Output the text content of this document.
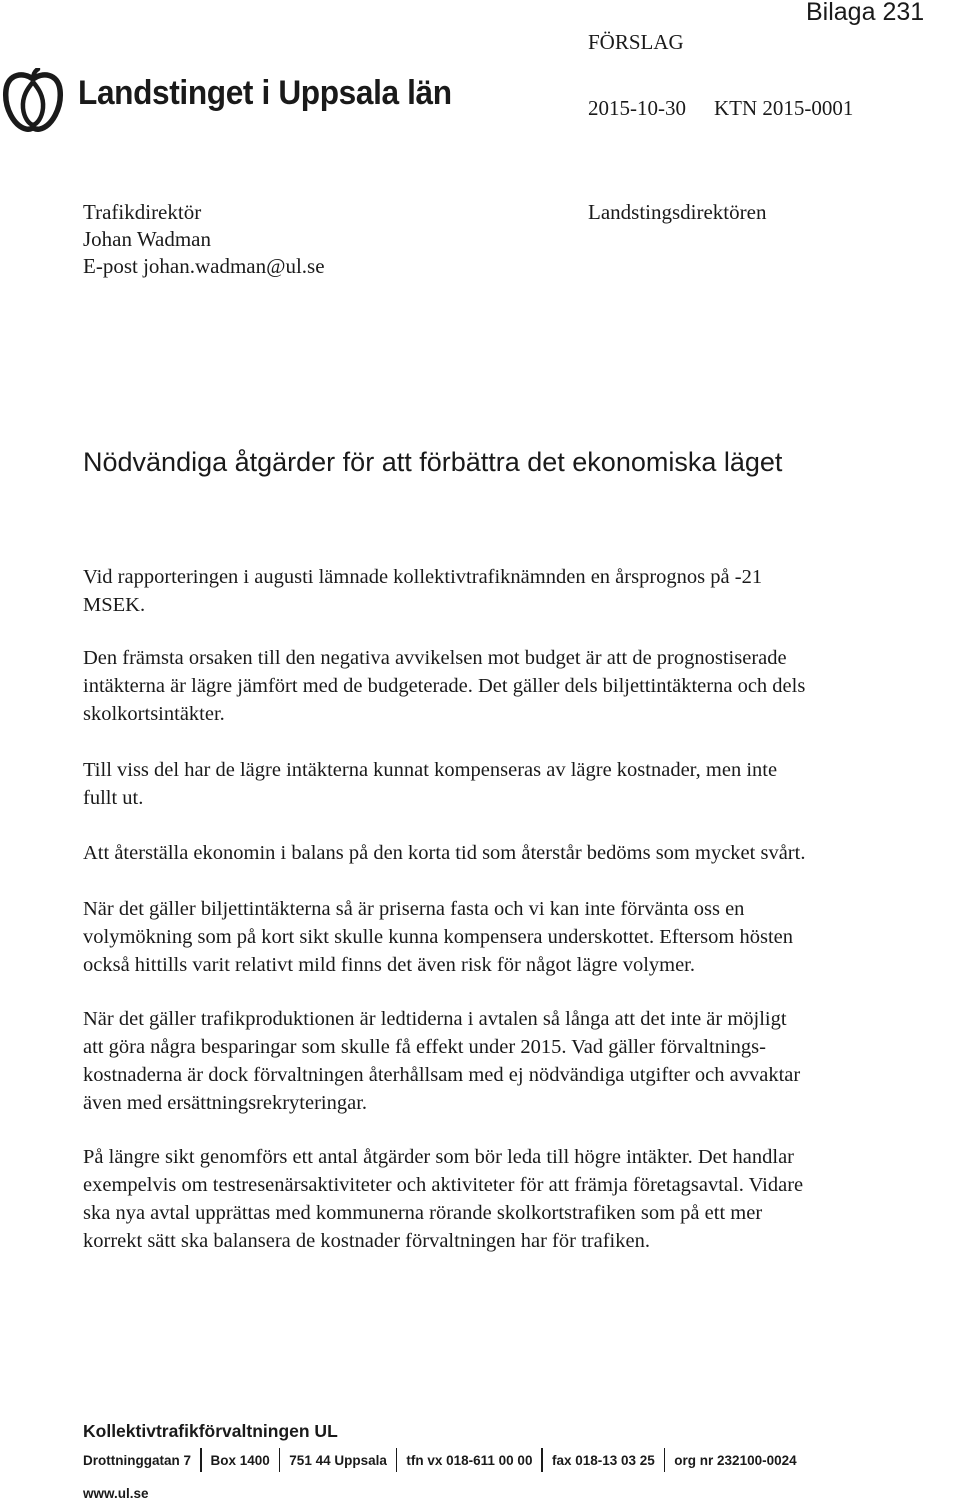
Bilaga 231
FÖRSLAG
2015-10-30 KTN 2015-0001
Landstinget i Uppsala län
Trafikdirektör
Johan Wadman
E-post johan.wadman@ul.se
Landstingsdirektören
Nödvändiga åtgärder för att förbättra det ekonomiska läget
Vid rapporteringen i augusti lämnade kollektivtrafiknämnden en årsprognos på -21
MSEK.
Den främsta orsaken till den negativa avvikelsen mot budget är att de prognostiserade
intäkterna är lägre jämfört med de budgeterade. Det gäller dels biljettintäkterna och dels
skolkortsintäkter.
Till viss del har de lägre intäkterna kunnat kompenseras av lägre kostnader, men inte
fullt ut.
Att återställa ekonomin i balans på den korta tid som återstår bedöms som mycket svårt.
När det gäller biljettintäkterna så är priserna fasta och vi kan inte förvänta oss en
volymökning som på kort sikt skulle kunna kompensera underskottet. Eftersom hösten
också hittills varit relativt mild finns det även risk för något lägre volymer.
När det gäller trafikproduktionen är ledtiderna i avtalen så långa att det inte är möjligt
att göra några besparingar som skulle få effekt under 2015. Vad gäller förvaltnings-
kostnaderna är dock förvaltningen återhållsam med ej nödvändiga utgifter och avvaktar
även med ersättningsrekryteringar.
På längre sikt genomförs ett antal åtgärder som bör leda till högre intäkter. Det handlar
exempelvis om testresenärsaktiviteter och aktiviteter för att främja företagsavtal. Vidare
ska nya avtal upprättas med kommunerna rörande skolkortstrafiken som på ett mer
korrekt sätt ska balansera de kostnader förvaltningen har för trafiken.
Kollektivtrafikförvaltningen UL
Drottninggatan 7	Box 1400	751 44 Uppsala	tfn vx 018-611 00 00	fax 018-13 03 25	org nr 232100-0024
www.ul.se
